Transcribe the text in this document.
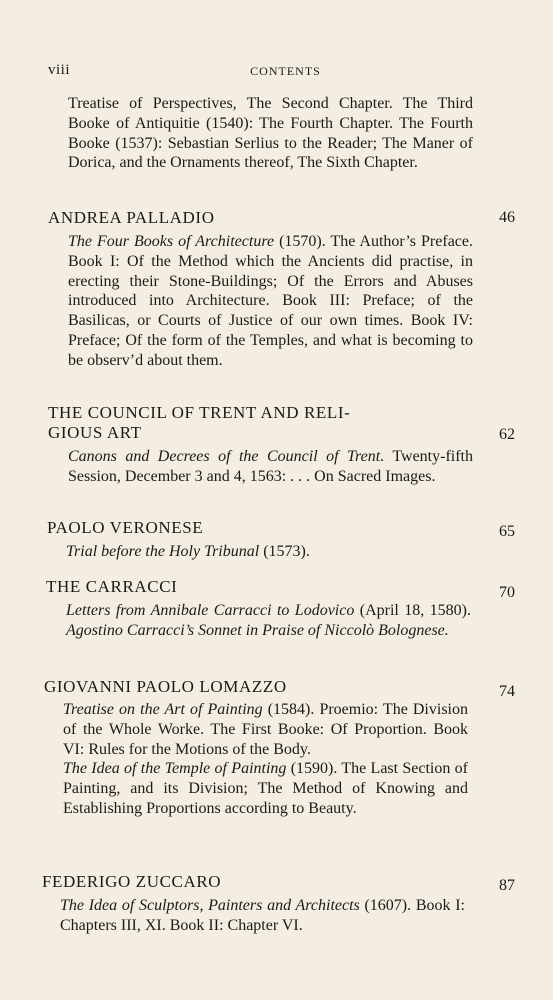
viii	CONTENTS
Treatise of Perspectives, The Second Chapter. The Third Booke of Antiquitie (1540): The Fourth Chapter. The Fourth Booke (1537): Sebastian Serlius to the Reader; The Maner of Dorica, and the Ornaments thereof, The Sixth Chapter.
ANDREA PALLADIO	46
The Four Books of Architecture (1570). The Author’s Preface. Book I: Of the Method which the Ancients did practise, in erecting their Stone-Buildings; Of the Errors and Abuses introduced into Architecture. Book III: Preface; of the Basilicas, or Courts of Justice of our own times. Book IV: Preface; Of the form of the Temples, and what is becoming to be observ’d about them.
THE COUNCIL OF TRENT AND RELI-
GIOUS ART	62
Canons and Decrees of the Council of Trent. Twenty-fifth Session, December 3 and 4, 1563: . . . On Sacred Images.
PAOLO VERONESE	65
Trial before the Holy Tribunal (1573).
THE CARRACCI	70
Letters from Annibale Carracci to Lodovico (April 18, 1580). Agostino Carracci’s Sonnet in Praise of Niccolò Bolognese.
GIOVANNI PAOLO LOMAZZO	74
Treatise on the Art of Painting (1584). Proemio: The Division of the Whole Worke. The First Booke: Of Proportion. Book VI: Rules for the Motions of the Body.
The Idea of the Temple of Painting (1590). The Last Section of Painting, and its Division; The Method of Knowing and Establishing Proportions according to Beauty.
FEDERIGO ZUCCARO	87
The Idea of Sculptors, Painters and Architects (1607). Book I: Chapters III, XI. Book II: Chapter VI.
